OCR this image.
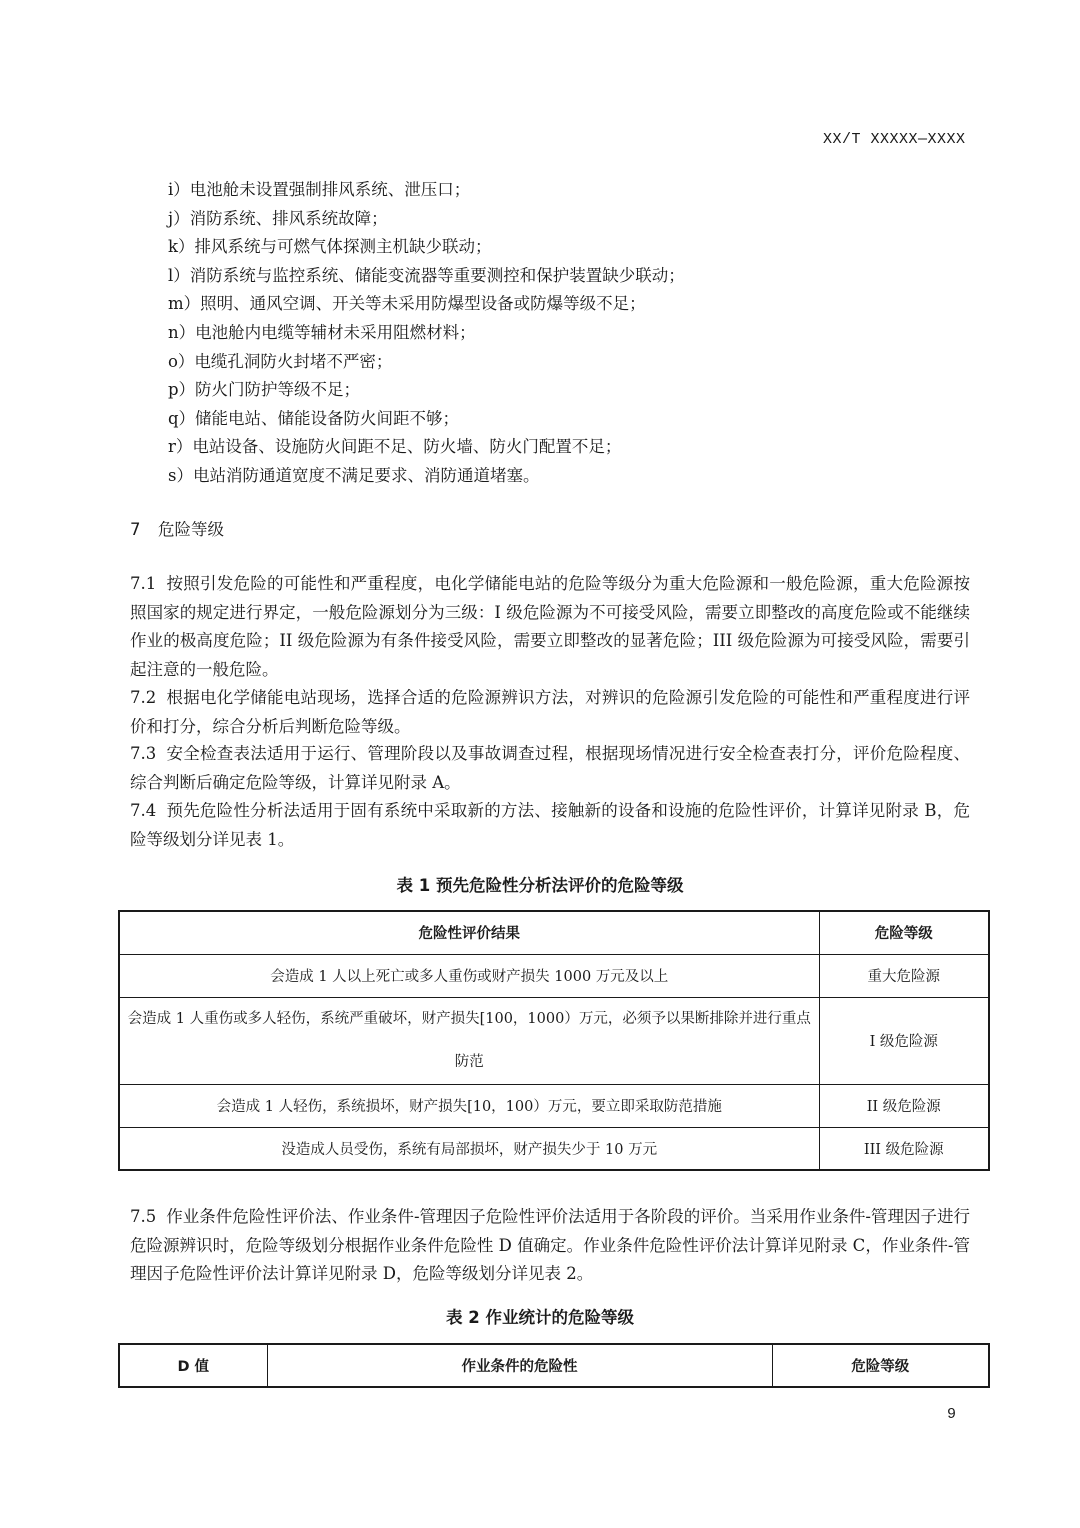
XX/T XXXXX—XXXX
i）电池舱未设置强制排风系统、泄压口；
j）消防系统、排风系统故障；
k）排风系统与可燃气体探测主机缺少联动；
l）消防系统与监控系统、储能变流器等重要测控和保护装置缺少联动；
m）照明、通风空调、开关等未采用防爆型设备或防爆等级不足；
n）电池舱内电缆等辅材未采用阻燃材料；
o）电缆孔洞防火封堵不严密；
p）防火门防护等级不足；
q）储能电站、储能设备防火间距不够；
r）电站设备、设施防火间距不足、防火墙、防火门配置不足；
s）电站消防通道宽度不满足要求、消防通道堵塞。
7 危险等级
7.1 按照引发危险的可能性和严重程度，电化学储能电站的危险等级分为重大危险源和一般危险源，重大危险源按照国家的规定进行界定，一般危险源划分为三级：I 级危险源为不可接受风险，需要立即整改的高度危险或不能继续作业的极高度危险；II 级危险源为有条件接受风险，需要立即整改的显著危险；III 级危险源为可接受风险，需要引起注意的一般危险。
7.2 根据电化学储能电站现场，选择合适的危险源辨识方法，对辨识的危险源引发危险的可能性和严重程度进行评价和打分，综合分析后判断危险等级。
7.3 安全检查表法适用于运行、管理阶段以及事故调查过程，根据现场情况进行安全检查表打分，评价危险程度、综合判断后确定危险等级，计算详见附录 A。
7.4 预先危险性分析法适用于固有系统中采取新的方法、接触新的设备和设施的危险性评价，计算详见附录 B，危险等级划分详见表 1。
表 1 预先危险性分析法评价的危险等级
危险性评价结果	危险等级
会造成 1 人以上死亡或多人重伤或财产损失 1000 万元及以上	重大危险源
会造成 1 人重伤或多人轻伤，系统严重破坏，财产损失[100，1000）万元，必须予以果断排除并进行重点防范	I 级危险源
会造成 1 人轻伤，系统损坏，财产损失[10，100）万元，要立即采取防范措施	II 级危险源
没造成人员受伤，系统有局部损坏，财产损失少于 10 万元	III 级危险源
7.5 作业条件危险性评价法、作业条件-管理因子危险性评价法适用于各阶段的评价。当采用作业条件-管理因子进行危险源辨识时，危险等级划分根据作业条件危险性 D 值确定。作业条件危险性评价法计算详见附录 C，作业条件-管理因子危险性评价法计算详见附录 D，危险等级划分详见表 2。
表 2 作业统计的危险等级
D 值	作业条件的危险性	危险等级
9
